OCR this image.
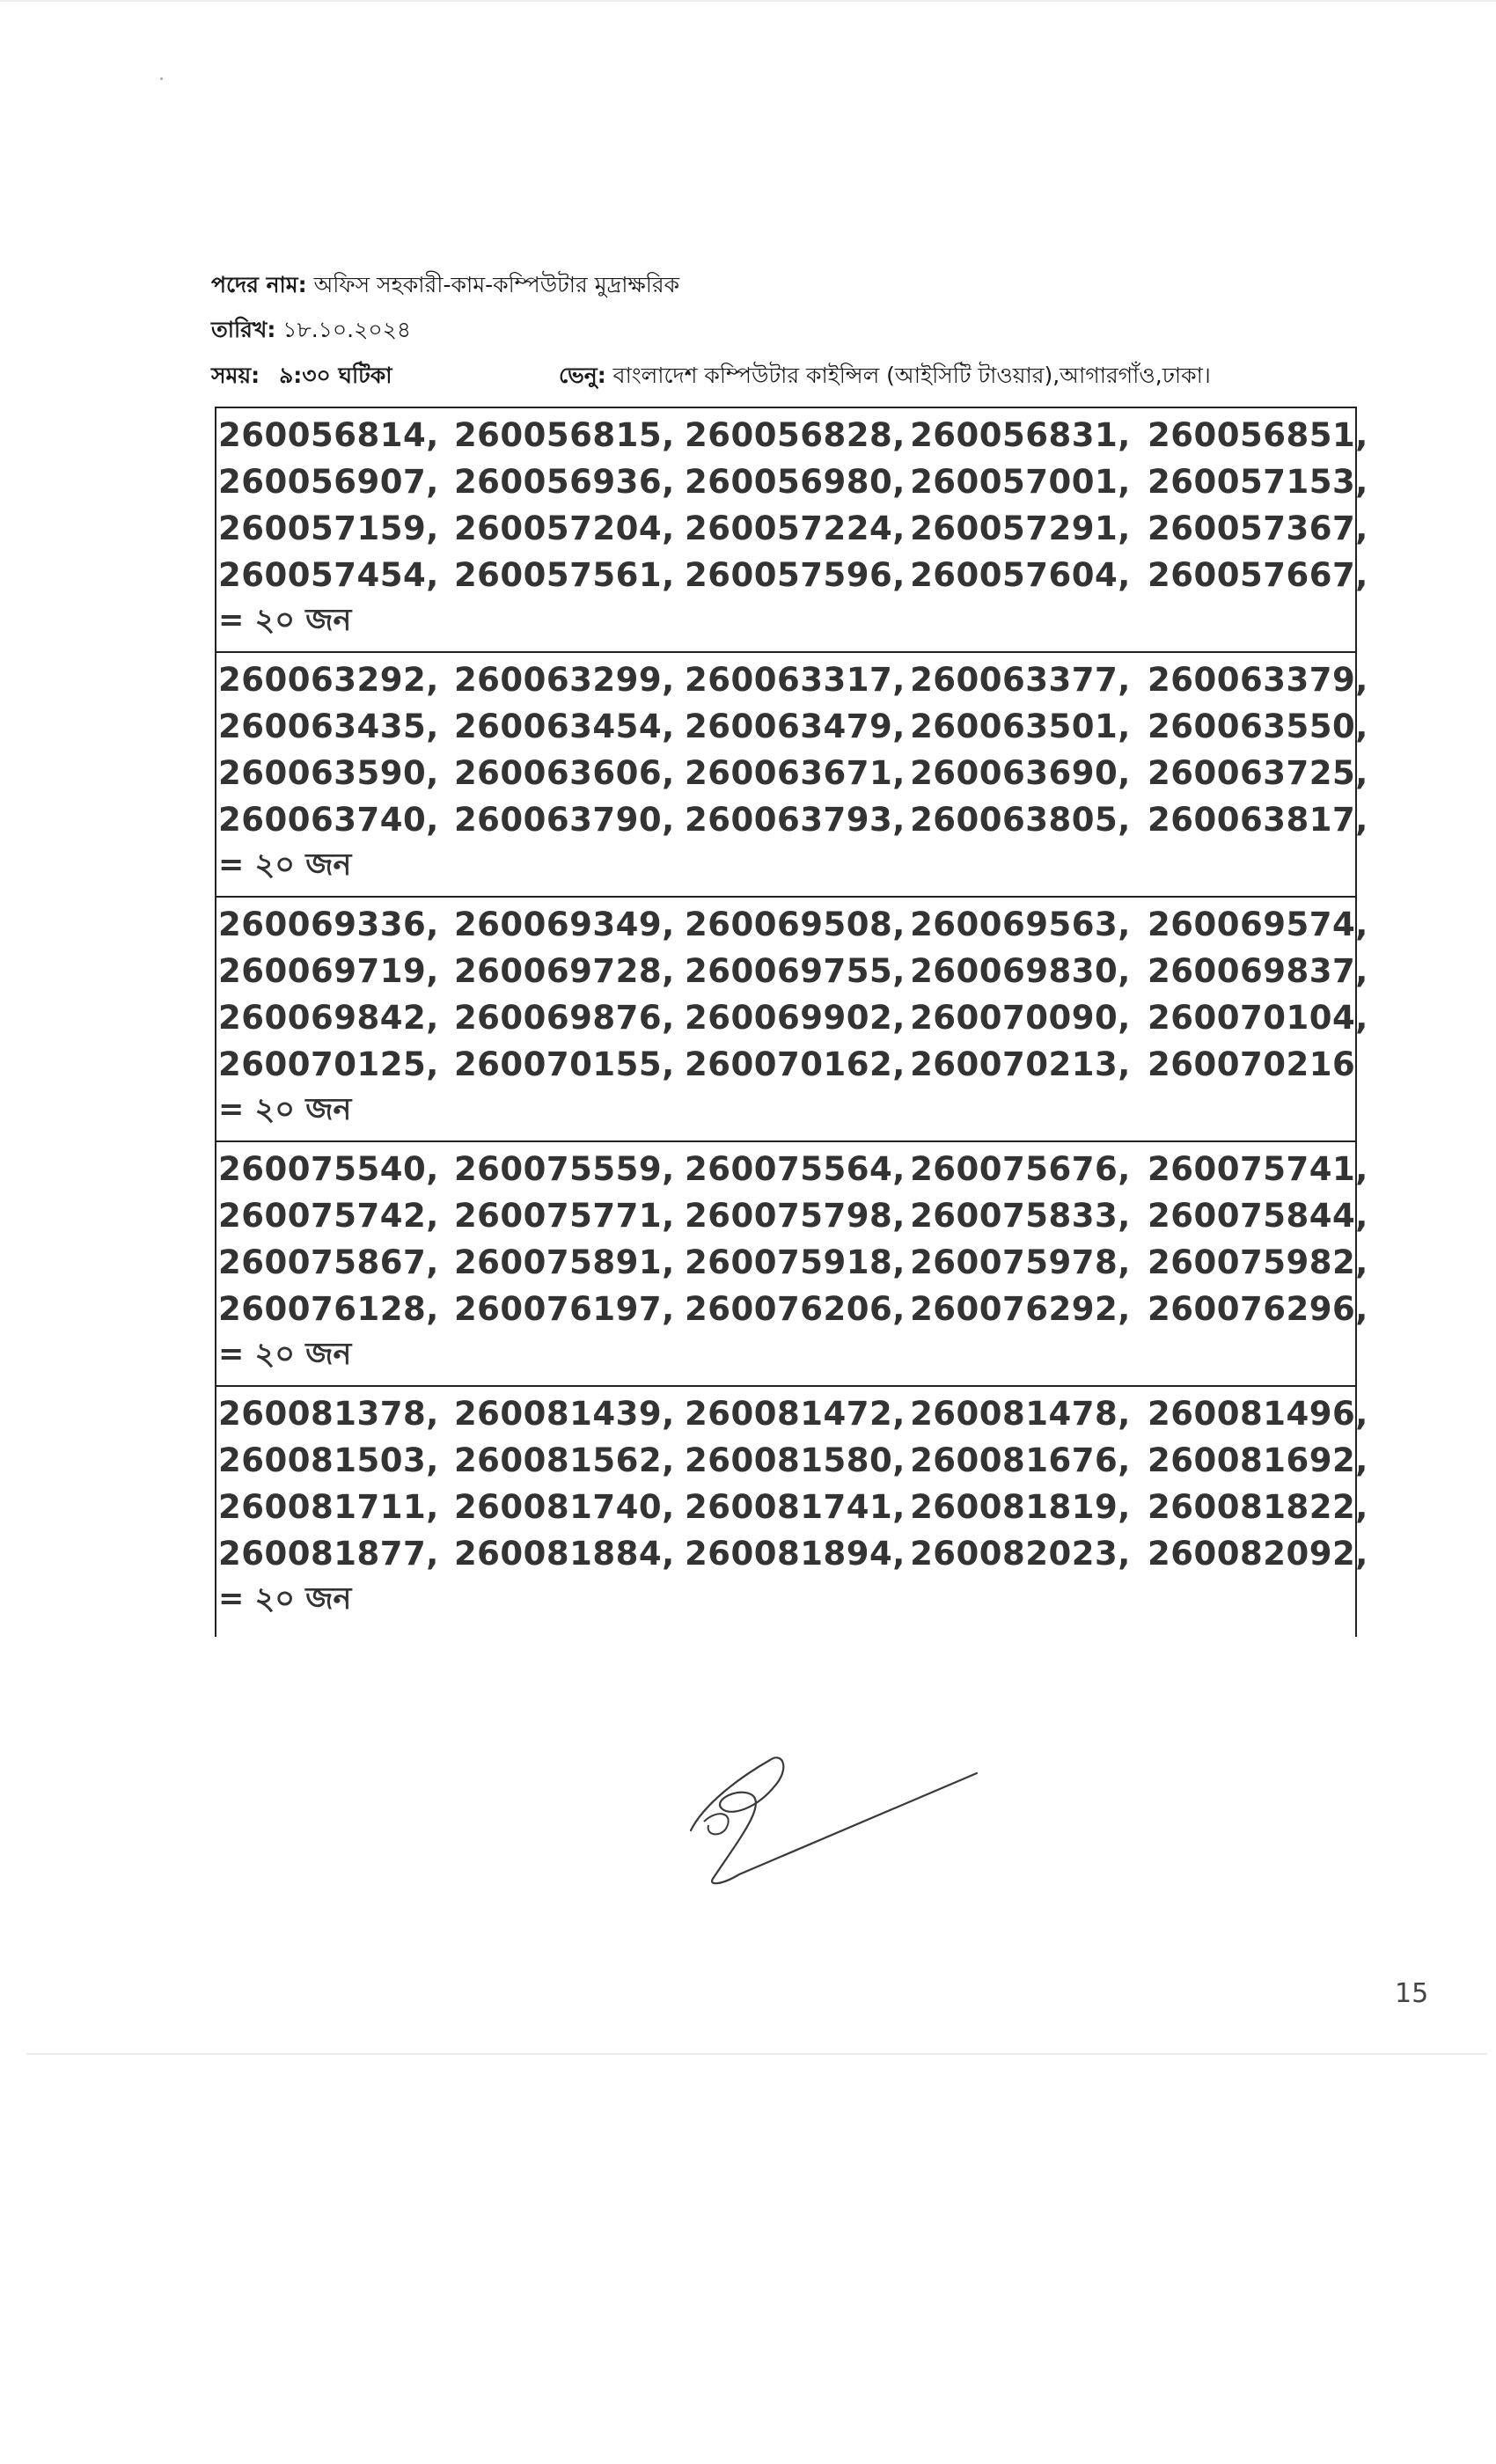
পদের নাম: অফিস সহকারী-কাম-কম্পিউটার মুদ্রাক্ষরিক
তারিখ: ১৮.১০.২০২৪
সময়: ৯:৩০ ঘটিকা	ভেনু: বাংলাদেশ কম্পিউটার কাইন্সিল (আইসিটি টাওয়ার),আগারগাঁও,ঢাকা।
260056814, 260056815, 260056828, 260056831, 260056851,
260056907, 260056936, 260056980, 260057001, 260057153,
260057159, 260057204, 260057224, 260057291, 260057367,
260057454, 260057561, 260057596, 260057604, 260057667,
= ২০ জন
260063292, 260063299, 260063317, 260063377, 260063379,
260063435, 260063454, 260063479, 260063501, 260063550,
260063590, 260063606, 260063671, 260063690, 260063725,
260063740, 260063790, 260063793, 260063805, 260063817,
= ২০ জন
260069336, 260069349, 260069508, 260069563, 260069574,
260069719, 260069728, 260069755, 260069830, 260069837,
260069842, 260069876, 260069902, 260070090, 260070104,
260070125, 260070155, 260070162, 260070213, 260070216
= ২০ জন
260075540, 260075559, 260075564, 260075676, 260075741,
260075742, 260075771, 260075798, 260075833, 260075844,
260075867, 260075891, 260075918, 260075978, 260075982,
260076128, 260076197, 260076206, 260076292, 260076296,
= ২০ জন
260081378, 260081439, 260081472, 260081478, 260081496,
260081503, 260081562, 260081580, 260081676, 260081692,
260081711, 260081740, 260081741, 260081819, 260081822,
260081877, 260081884, 260081894, 260082023, 260082092,
= ২০ জন
15
